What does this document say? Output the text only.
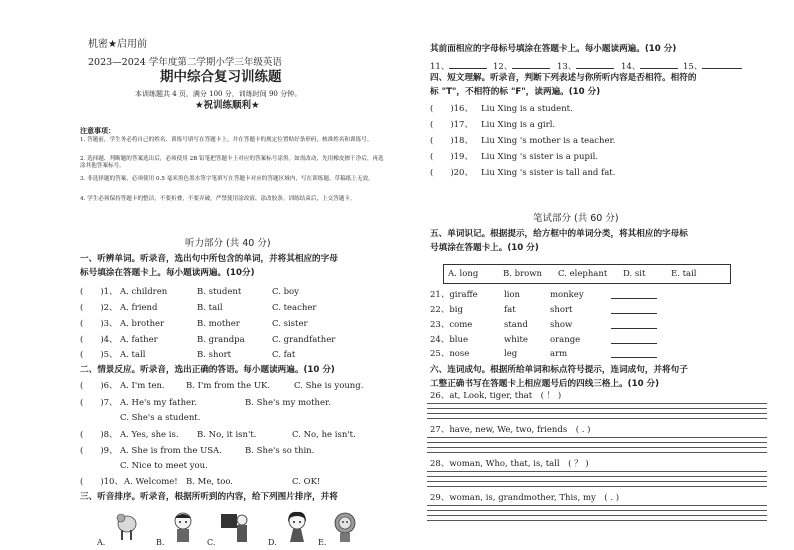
机密★启用前
2023—2024 学年度第二学期小学三年级英语
期中综合复习训练题
本训练题共 4 页，满分 100 分，训练时间 90 分钟。
★祝训练顺利★
注意事项：
1. 答题前，学生务必将自己的姓名、训练号填写在答题卡上，并在答题卡的规定位置贴好条形码，核准姓名和训练号。
2. 选择题、判断题的答案选出后，必须使用 2B 铅笔把答题卡上对应的答案标号涂黑。如需改动，先用橡皮擦干净后，再选涂其他答案标号。
3. 非选择题的答案，必须使用 0.5 毫米黑色墨水签字笔填写在答题卡对应的答题区域内，写在训练题、草稿纸上无效。
4. 学生必须保持答题卡的整洁，不要折叠，不要弄破，严禁使用涂改液、涂改胶条。训练结束后，上交答题卡。
听力部分 (共 40 分)
一、听辨单词。听录音，选出句中所包含的单词，并将其相应的字母
标号填涂在答题卡上。每小题读两遍。(10分)
(　　)1、 A. children	B. student	C. boy
(　　)2、 A. friend	B. tail	C. teacher
(　　)3、 A. brother	B. mother	C. sister
(　　)4、 A. father	B. grandpa	C. grandfather
(　　)5、 A. tall	B. short	C. fat
二、情景反应。听录音，选出正确的答语。每小题读两遍。(10 分)
(　　)6、 A. I'm ten.	B. I'm from the UK.	C. She is young.
(　　)7、 A. He's my father.	B. She's my mother.
C. She's a student.
(　　)8、 A. Yes, she is. B. No, it isn't.	C. No, he isn't.
(　　)9、 A. She is from the USA.	B. She's so thin.
C. Nice to meet you.
(　　)10、 A. Welcome! B. Me, too.	C. OK!
三、听音排序。听录音，根据所听到的内容，给下列图片排序，并将
A.	B.	C.	D.	E.
其前面相应的字母标号填涂在答题卡上。每小题读两遍。(10 分)
11、	12、	13、	14、	15、
四、短文理解。听录音，判断下列表述与你所听内容是否相符。相符的
标 "T"，不相符的标 "F"，读两遍。(10 分)
(　　)16、 Liu Xing is a student.
(　　)17、 Liu Xing is a girl.
(　　)18、 Liu Xing 's mother is a teacher.
(　　)19、 Liu Xing 's sister is a pupil.
(　　)20、 Liu Xing 's sister is tall and fat.
笔试部分 (共 60 分)
五、单词识记。根据提示，给方框中的单词分类，将其相应的字母标
号填涂在答题卡上。(10 分)
A. long	B. brown C. elephant D. sit	E. tail
21、giraffe	lion	monkey
22、big	fat	short
23、come	stand	show
24、blue	white	orange
25、nose	leg	arm
六、连词成句。根据所给单词和标点符号提示，连词成句，并将句子
工整正确书写在答题卡上相应题号后的四线三格上。(10 分)
26、at, Look, tiger, that　( ！ )
27、have, new, We, two, friends　( . )
28、woman, Who, that, is, tall　( ？ )
29、woman, is, grandmother, This, my　( . )
